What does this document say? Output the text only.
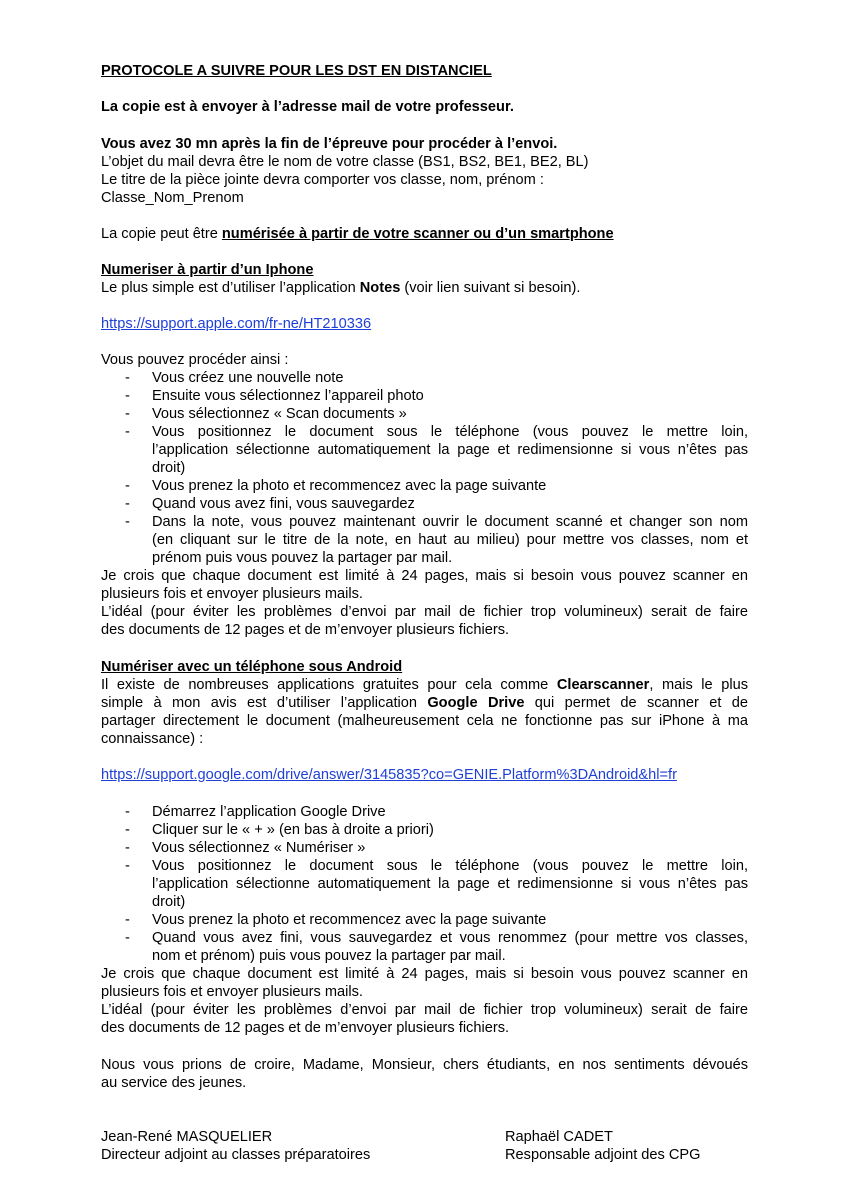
PROTOCOLE A SUIVRE POUR LES DST EN DISTANCIEL
La copie est à envoyer à l’adresse mail de votre professeur.
Vous avez 30 mn après la fin de l’épreuve pour procéder à l’envoi.
L’objet du mail devra être le nom de votre classe (BS1, BS2, BE1, BE2, BL)
Le titre de la pièce jointe devra comporter vos classe, nom, prénom :
Classe_Nom_Prenom
La copie peut être numérisée à partir de votre scanner ou d’un smartphone
Numeriser à partir d’un Iphone
Le plus simple est d’utiliser l’application Notes (voir lien suivant si besoin).
https://support.apple.com/fr-ne/HT210336
Vous pouvez procéder ainsi :
- Vous créez une nouvelle note
- Ensuite vous sélectionnez l’appareil photo
- Vous sélectionnez « Scan documents »
- Vous positionnez le document sous le téléphone (vous pouvez le mettre loin,
l’application sélectionne automatiquement la page et redimensionne si vous n’êtes pas
droit)
- Vous prenez la photo et recommencez avec la page suivante
- Quand vous avez fini, vous sauvegardez
- Dans la note, vous pouvez maintenant ouvrir le document scanné et changer son nom
(en cliquant sur le titre de la note, en haut au milieu) pour mettre vos classes, nom et
prénom puis vous pouvez la partager par mail.
Je crois que chaque document est limité à 24 pages, mais si besoin vous pouvez scanner en
plusieurs fois et envoyer plusieurs mails.
L’idéal (pour éviter les problèmes d’envoi par mail de fichier trop volumineux) serait de faire
des documents de 12 pages et de m’envoyer plusieurs fichiers.
Numériser avec un téléphone sous Android
Il existe de nombreuses applications gratuites pour cela comme Clearscanner, mais le plus
simple à mon avis est d’utiliser l’application Google Drive qui permet de scanner et de
partager directement le document (malheureusement cela ne fonctionne pas sur iPhone à ma
connaissance) :
https://support.google.com/drive/answer/3145835?co=GENIE.Platform%3DAndroid&hl=fr
- Démarrez l’application Google Drive
- Cliquer sur le « + » (en bas à droite a priori)
- Vous sélectionnez « Numériser »
- Vous positionnez le document sous le téléphone (vous pouvez le mettre loin,
l’application sélectionne automatiquement la page et redimensionne si vous n’êtes pas
droit)
- Vous prenez la photo et recommencez avec la page suivante
- Quand vous avez fini, vous sauvegardez et vous renommez (pour mettre vos classes,
nom et prénom) puis vous pouvez la partager par mail.
Je crois que chaque document est limité à 24 pages, mais si besoin vous pouvez scanner en
plusieurs fois et envoyer plusieurs mails.
L’idéal (pour éviter les problèmes d’envoi par mail de fichier trop volumineux) serait de faire
des documents de 12 pages et de m’envoyer plusieurs fichiers.
Nous vous prions de croire, Madame, Monsieur, chers étudiants, en nos sentiments dévoués
au service des jeunes.
Jean-René MASQUELIER
Directeur adjoint au classes préparatoires
Raphaël CADET
Responsable adjoint des CPG
